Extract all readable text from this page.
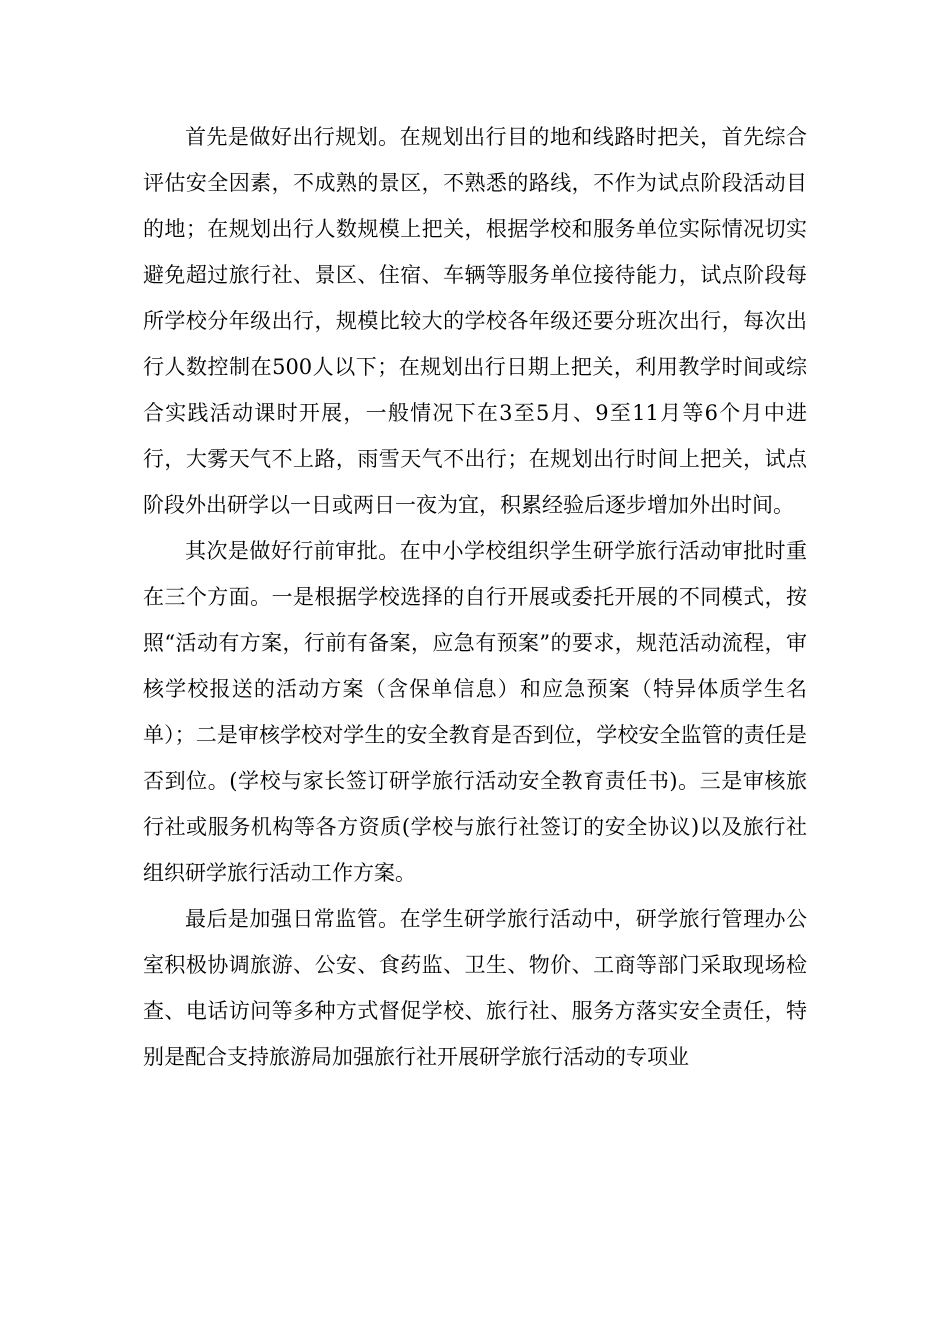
首先是做好出行规划。在规划出行目的地和线路时把关，首先综合评估安全因素，不成熟的景区，不熟悉的路线，不作为试点阶段活动目的地；在规划出行人数规模上把关，根据学校和服务单位实际情况切实避免超过旅行社、景区、住宿、车辆等服务单位接待能力，试点阶段每所学校分年级出行，规模比较大的学校各年级还要分班次出行，每次出行人数控制在500人以下；在规划出行日期上把关，利用教学时间或综合实践活动课时开展，一般情况下在3至5月、9至11月等6个月中进行，大雾天气不上路，雨雪天气不出行；在规划出行时间上把关，试点阶段外出研学以一日或两日一夜为宜，积累经验后逐步增加外出时间。

其次是做好行前审批。在中小学校组织学生研学旅行活动审批时重在三个方面。一是根据学校选择的自行开展或委托开展的不同模式，按照“活动有方案，行前有备案，应急有预案”的要求，规范活动流程，审核学校报送的活动方案（含保单信息）和应急预案（特异体质学生名单）；二是审核学校对学生的安全教育是否到位，学校安全监管的责任是否到位。(学校与家长签订研学旅行活动安全教育责任书)。三是审核旅行社或服务机构等各方资质(学校与旅行社签订的安全协议)以及旅行社组织研学旅行活动工作方案。

最后是加强日常监管。在学生研学旅行活动中，研学旅行管理办公室积极协调旅游、公安、食药监、卫生、物价、工商等部门采取现场检查、电话访问等多种方式督促学校、旅行社、服务方落实安全责任，特别是配合支持旅游局加强旅行社开展研学旅行活动的专项业
